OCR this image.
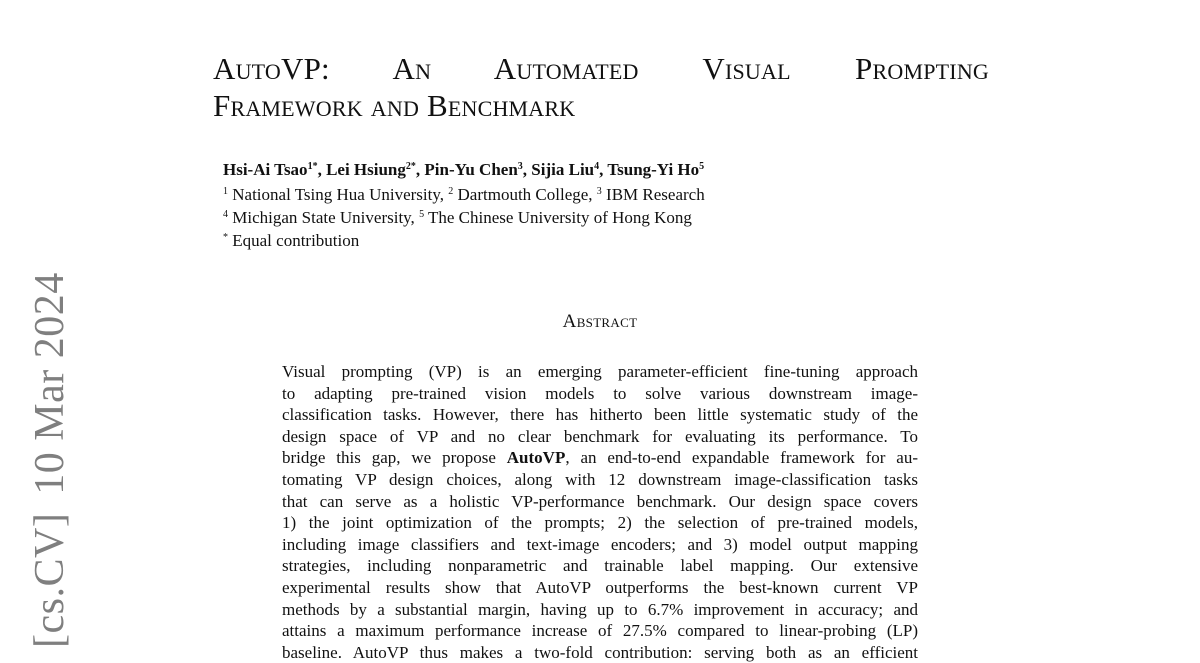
AutoVP: An Automated Visual Prompting
Framework and Benchmark
Hsi-Ai Tsao$^{1*}$, Lei Hsiung$^{2*}$, Pin-Yu Chen$^3$, Sijia Liu$^4$, Tsung-Yi Ho$^5$
$^1$ National Tsing Hua University, $^2$ Dartmouth College, $^3$ IBM Research
$^4$ Michigan State University, $^5$ The Chinese University of Hong Kong
* Equal contribution
Abstract
Visual prompting (VP) is an emerging parameter-efficient fine-tuning approach
to adapting pre-trained vision models to solve various downstream image-
classification tasks. However, there has hitherto been little systematic study of the
design space of VP and no clear benchmark for evaluating its performance. To
bridge this gap, we propose AutoVP, an end-to-end expandable framework for au-
tomating VP design choices, along with 12 downstream image-classification tasks
that can serve as a holistic VP-performance benchmark. Our design space covers
1) the joint optimization of the prompts; 2) the selection of pre-trained models,
including image classifiers and text-image encoders; and 3) model output mapping
strategies, including nonparametric and trainable label mapping. Our extensive
experimental results show that AutoVP outperforms the best-known current VP
methods by a substantial margin, having up to 6.7% improvement in accuracy; and
attains a maximum performance increase of 27.5% compared to linear-probing (LP)
baseline. AutoVP thus makes a two-fold contribution: serving both as an efficient
[cs.CV]10 Mar 2024
